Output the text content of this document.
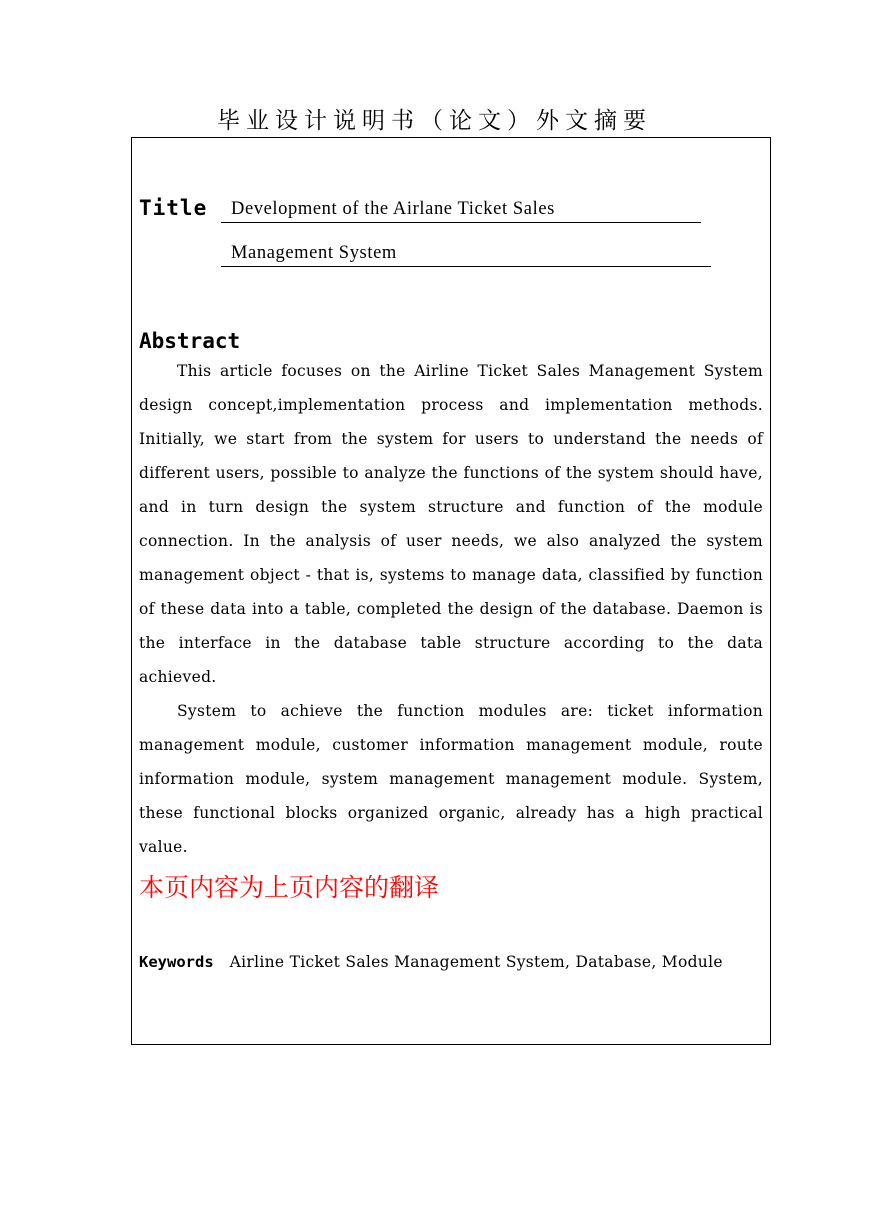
毕业设计说明书（论文）外文摘要
Title	Development of the Airlane Ticket Sales
Management System
Abstract

This article focuses on the Airline Ticket Sales Management System design concept,implementation process and implementation methods. Initially, we start from the system for users to understand the needs of different users, possible to analyze the functions of the system should have, and in turn design the system structure and function of the module connection. In the analysis of user needs, we also analyzed the system management object - that is, systems to manage data, classified by function of these data into a table, completed the design of the database. Daemon is the interface in the database table structure according to the data achieved.

System to achieve the function modules are: ticket information management module, customer information management module, route information module, system management management module. System, these functional blocks organized organic, already has a high practical value.

本页内容为上页内容的翻译
Keywords Airline Ticket Sales Management System, Database, Module
